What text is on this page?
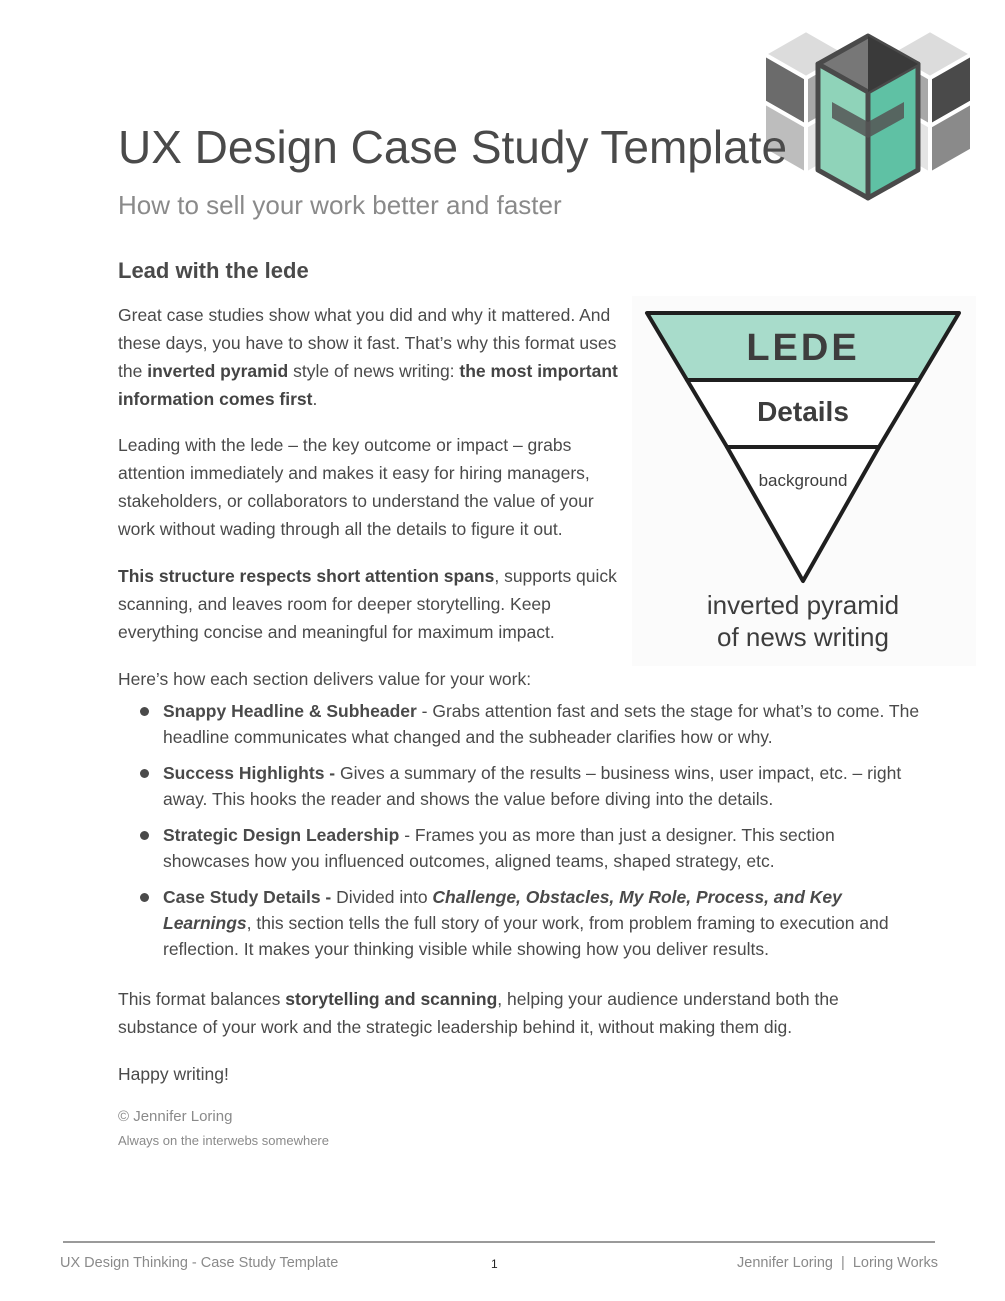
UX Design Case Study Template
How to sell your work better and faster
Lead with the lede
Great case studies show what you did and why it mattered. And these days, you have to show it fast. That’s why this format uses the inverted pyramid style of news writing: the most important information comes first.
Leading with the lede – the key outcome or impact – grabs attention immediately and makes it easy for hiring managers, stakeholders, or collaborators to understand the value of your work without wading through all the details to figure it out.
This structure respects short attention spans, supports quick scanning, and leaves room for deeper storytelling. Keep everything concise and meaningful for maximum impact.
LEDE
Details
background
inverted pyramid
of news writing
Here’s how each section delivers value for your work:
Snappy Headline & Subheader - Grabs attention fast and sets the stage for what’s to come. The headline communicates what changed and the subheader clarifies how or why.
Success Highlights - Gives a summary of the results – business wins, user impact, etc. – right away. This hooks the reader and shows the value before diving into the details.
Strategic Design Leadership - Frames you as more than just a designer. This section showcases how you influenced outcomes, aligned teams, shaped strategy, etc.
Case Study Details - Divided into Challenge, Obstacles, My Role, Process, and Key Learnings, this section tells the full story of your work, from problem framing to execution and reflection. It makes your thinking visible while showing how you deliver results.
This format balances storytelling and scanning, helping your audience understand both the substance of your work and the strategic leadership behind it, without making them dig.
Happy writing!
© Jennifer Loring
Always on the interwebs somewhere
UX Design Thinking - Case Study Template	1	Jennifer Loring  |  Loring Works
